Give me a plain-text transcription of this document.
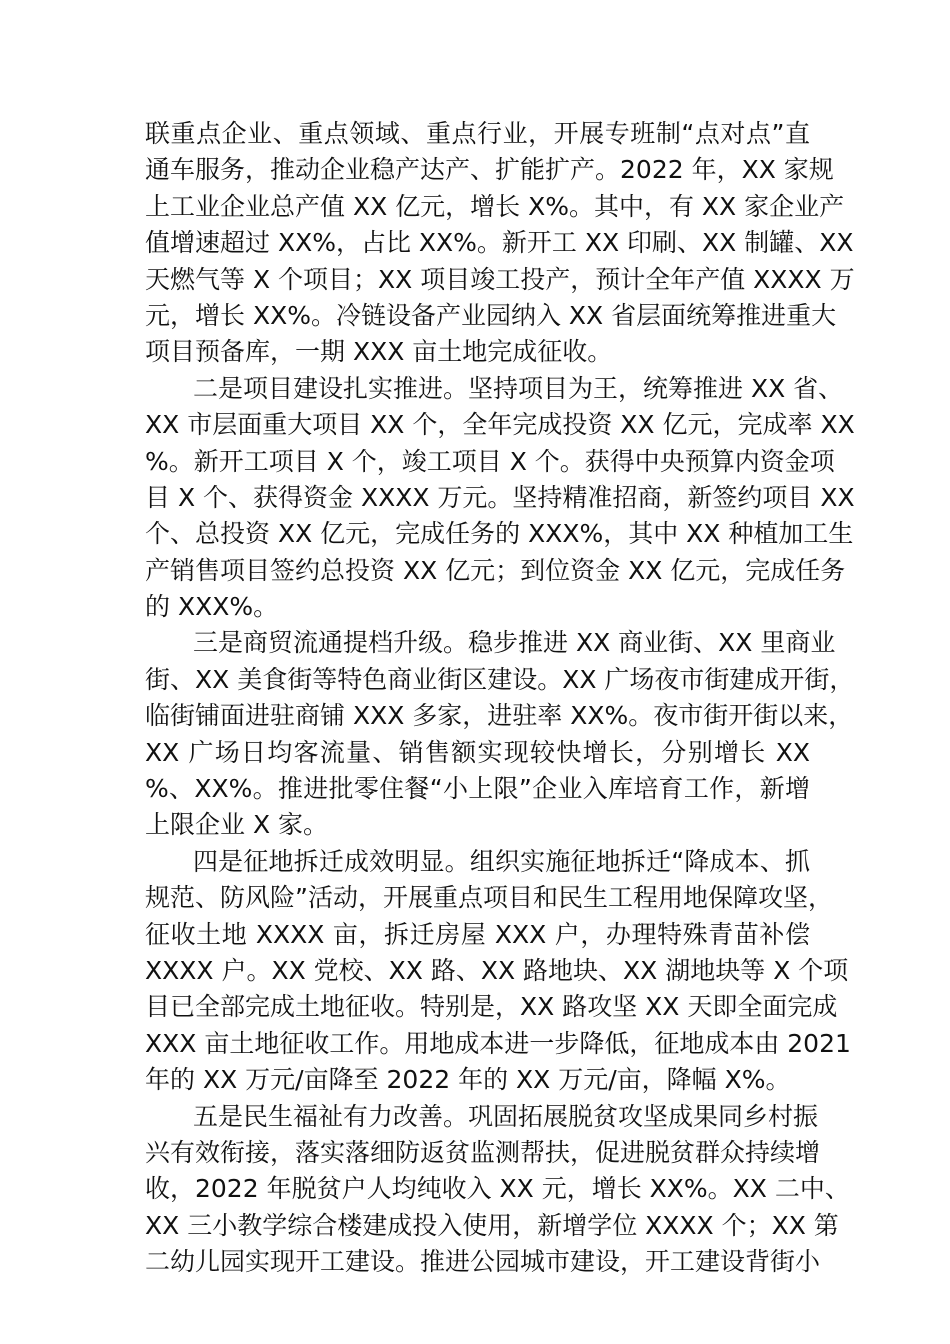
联重点企业、重点领域、重点行业，开展专班制“点对点”直
通车服务，推动企业稳产达产、扩能扩产。2022 年，XX 家规
上工业企业总产值 XX 亿元，增长 X%。其中，有 XX 家企业产
值增速超过 XX%，占比 XX%。新开工 XX 印刷、XX 制罐、XX
天燃气等 X 个项目；XX 项目竣工投产，预计全年产值 XXXX 万
元，增长 XX%。冷链设备产业园纳入 XX 省层面统筹推进重大
项目预备库，一期 XXX 亩土地完成征收。
二是项目建设扎实推进。坚持项目为王，统筹推进 XX 省、
XX 市层面重大项目 XX 个，全年完成投资 XX 亿元，完成率 XX
%。新开工项目 X 个，竣工项目 X 个。获得中央预算内资金项
目 X 个、获得资金 XXXX 万元。坚持精准招商，新签约项目 XX
个、总投资 XX 亿元，完成任务的 XXX%，其中 XX 种植加工生
产销售项目签约总投资 XX 亿元；到位资金 XX 亿元，完成任务
的 XXX%。
三是商贸流通提档升级。稳步推进 XX 商业街、XX 里商业
街、XX 美食街等特色商业街区建设。XX 广场夜市街建成开街，
临街铺面进驻商铺 XXX 多家，进驻率 XX%。夜市街开街以来，
XX 广场日均客流量、销售额实现较快增长，分别增长 XX
%、XX%。推进批零住餐“小上限”企业入库培育工作，新增
上限企业 X 家。
四是征地拆迁成效明显。组织实施征地拆迁“降成本、抓
规范、防风险”活动，开展重点项目和民生工程用地保障攻坚，
征收土地 XXXX 亩，拆迁房屋 XXX 户，办理特殊青苗补偿
XXXX 户。XX 党校、XX 路、XX 路地块、XX 湖地块等 X 个项
目已全部完成土地征收。特别是，XX 路攻坚 XX 天即全面完成
XXX 亩土地征收工作。用地成本进一步降低，征地成本由 2021
年的 XX 万元/亩降至 2022 年的 XX 万元/亩，降幅 X%。
五是民生福祉有力改善。巩固拓展脱贫攻坚成果同乡村振
兴有效衔接，落实落细防返贫监测帮扶，促进脱贫群众持续增
收，2022 年脱贫户人均纯收入 XX 元，增长 XX%。XX 二中、
XX 三小教学综合楼建成投入使用，新增学位 XXXX 个；XX 第
二幼儿园实现开工建设。推进公园城市建设，开工建设背街小
